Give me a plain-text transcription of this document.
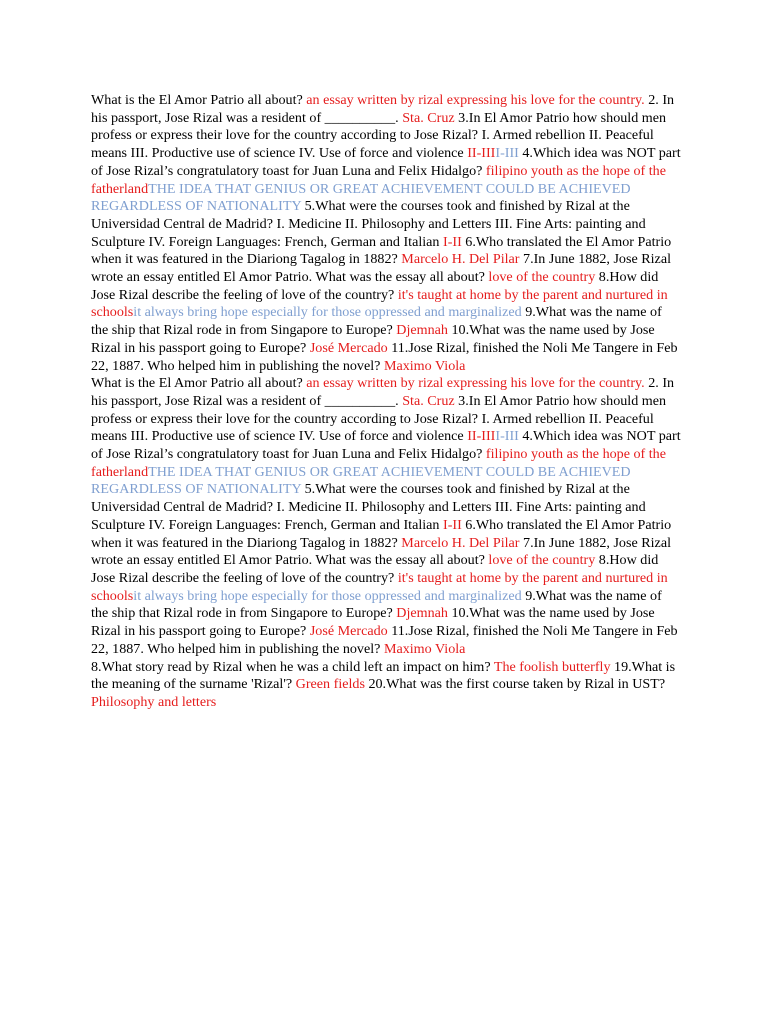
What is the El Amor Patrio all about? an essay written by rizal expressing his love for the country. 2. In his passport, Jose Rizal was a resident of __________. Sta. Cruz 3.In El Amor Patrio how should men profess or express their love for the country according to Jose Rizal? I. Armed rebellion II. Peaceful means III. Productive use of science IV. Use of force and violence II-IIII-III 4.Which idea was NOT part of Jose Rizal’s congratulatory toast for Juan Luna and Felix Hidalgo? filipino youth as the hope of the fatherlandTHE IDEA THAT GENIUS OR GREAT ACHIEVEMENT COULD BE ACHIEVED REGARDLESS OF NATIONALITY 5.What were the courses took and finished by Rizal at the Universidad Central de Madrid? I. Medicine II. Philosophy and Letters III. Fine Arts: painting and Sculpture IV. Foreign Languages: French, German and Italian I-II 6.Who translated the El Amor Patrio when it was featured in the Diariong Tagalog in 1882? Marcelo H. Del Pilar 7.In June 1882, Jose Rizal wrote an essay entitled El Amor Patrio. What was the essay all about? love of the country 8.How did Jose Rizal describe the feeling of love of the country? it's taught at home by the parent and nurtured in schoolsit always bring hope especially for those oppressed and marginalized 9.What was the name of the ship that Rizal rode in from Singapore to Europe? Djemnah 10.What was the name used by Jose Rizal in his passport going to Europe? José Mercado 11.Jose Rizal, finished the Noli Me Tangere in Feb 22, 1887. Who helped him in publishing the novel? Maximo Viola

What is the El Amor Patrio all about? an essay written by rizal expressing his love for the country. 2. In his passport, Jose Rizal was a resident of __________. Sta. Cruz 3.In El Amor Patrio how should men profess or express their love for the country according to Jose Rizal? I. Armed rebellion II. Peaceful means III. Productive use of science IV. Use of force and violence II-IIII-III 4.Which idea was NOT part of Jose Rizal’s congratulatory toast for Juan Luna and Felix Hidalgo? filipino youth as the hope of the fatherlandTHE IDEA THAT GENIUS OR GREAT ACHIEVEMENT COULD BE ACHIEVED REGARDLESS OF NATIONALITY 5.What were the courses took and finished by Rizal at the Universidad Central de Madrid? I. Medicine II. Philosophy and Letters III. Fine Arts: painting and Sculpture IV. Foreign Languages: French, German and Italian I-II 6.Who translated the El Amor Patrio when it was featured in the Diariong Tagalog in 1882? Marcelo H. Del Pilar 7.In June 1882, Jose Rizal wrote an essay entitled El Amor Patrio. What was the essay all about? love of the country 8.How did Jose Rizal describe the feeling of love of the country? it's taught at home by the parent and nurtured in schoolsit always bring hope especially for those oppressed and marginalized 9.What was the name of the ship that Rizal rode in from Singapore to Europe? Djemnah 10.What was the name used by Jose Rizal in his passport going to Europe? José Mercado 11.Jose Rizal, finished the Noli Me Tangere in Feb 22, 1887. Who helped him in publishing the novel? Maximo Viola

8.What story read by Rizal when he was a child left an impact on him? The foolish butterfly 19.What is the meaning of the surname 'Rizal'? Green fields 20.What was the first course taken by Rizal in UST? Philosophy and letters
